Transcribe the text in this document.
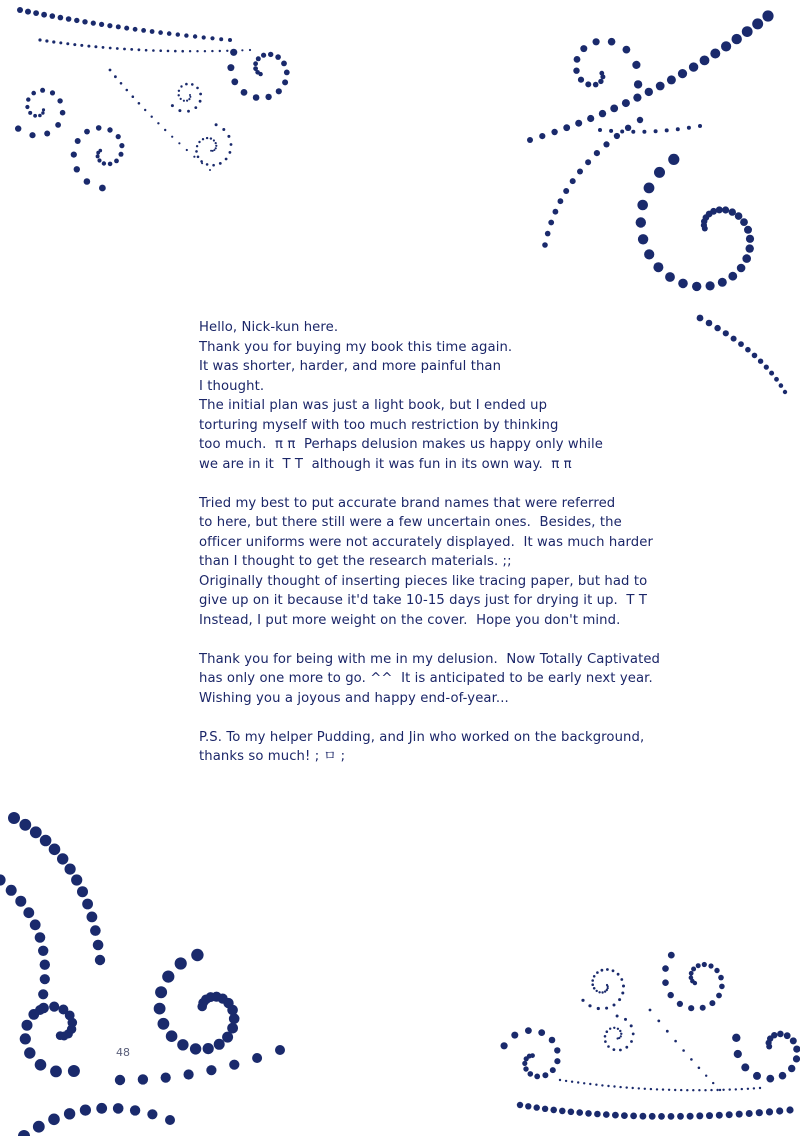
Hello, Nick-kun here.
Thank you for buying my book this time again.
It was shorter, harder, and more painful than
I thought.
The initial plan was just a light book, but I ended up
torturing myself with too much restriction by thinking
too much.  π π  Perhaps delusion makes us happy only while
we are in it  T T  although it was fun in its own way.  π π
Tried my best to put accurate brand names that were referred
to here, but there still were a few uncertain ones.  Besides, the
officer uniforms were not accurately displayed.  It was much harder
than I thought to get the research materials. ;;
Originally thought of inserting pieces like tracing paper, but had to
give up on it because it'd take 10-15 days just for drying it up.  T T
Instead, I put more weight on the cover.  Hope you don't mind.
Thank you for being with me in my delusion.  Now Totally Captivated
has only one more to go. ^^  It is anticipated to be early next year.
Wishing you a joyous and happy end-of-year...
P.S. To my helper Pudding, and Jin who worked on the background,
thanks so much! ; ㅁ ;
48
